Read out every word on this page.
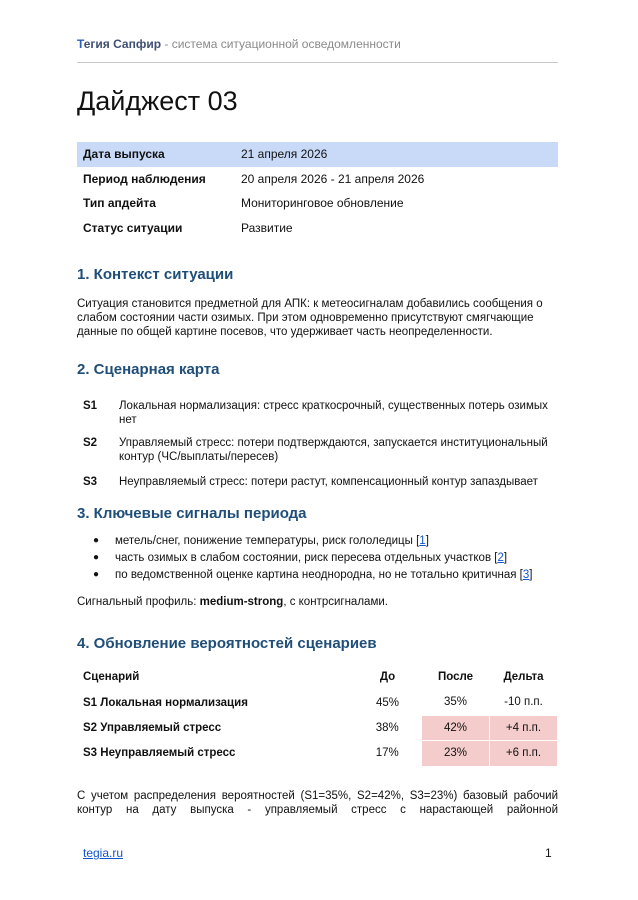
Тегия Сапфир - система ситуационной осведомленности
Дайджест 03
Дата выпуска	21 апреля 2026
Период наблюдения	20 апреля 2026 - 21 апреля 2026
Тип апдейта	Мониторинговое обновление
Статус ситуации	Развитие
1. Контекст ситуации
Ситуация становится предметной для АПК: к метеосигналам добавились сообщения о
слабом состоянии части озимых. При этом одновременно присутствуют смягчающие
данные по общей картине посевов, что удерживает часть неопределенности.
2. Сценарная карта
S1	Локальная нормализация: стресс краткосрочный, существенных потерь озимых нет
S2	Управляемый стресс: потери подтверждаются, запускается институциональный контур (ЧС/выплаты/пересев)
S3	Неуправляемый стресс: потери растут, компенсационный контур запаздывает
3. Ключевые сигналы периода
●	метель/снег, понижение температуры, риск гололедицы [1]
●	часть озимых в слабом состоянии, риск пересева отдельных участков [2]
●	по ведомственной оценке картина неоднородна, но не тотально критичная [3]
Сигнальный профиль: medium-strong, с контрсигналами.
4. Обновление вероятностей сценариев
Сценарий	До	После	Дельта
S1 Локальная нормализация	45%	35%	-10 п.п.
S2 Управляемый стресс	38%	42%	+4 п.п.
S3 Неуправляемый стресс	17%	23%	+6 п.п.
С учетом распределения вероятностей (S1=35%, S2=42%, S3=23%) базовый рабочий
контур на дату выпуска - управляемый стресс с нарастающей районной
tegia.ru	1
